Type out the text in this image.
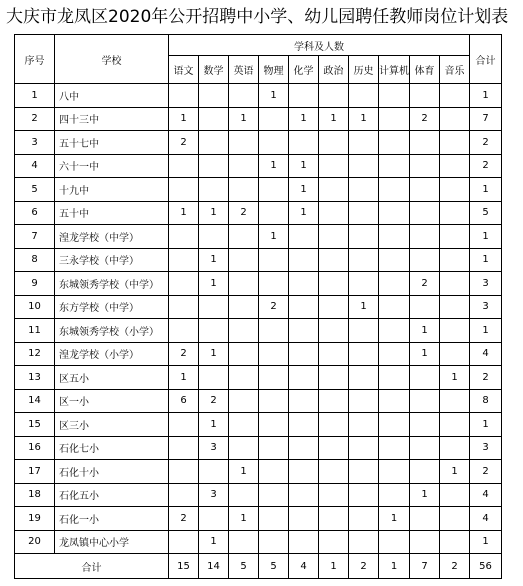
大庆市龙凤区2020年公开招聘中小学、幼儿园聘任教师岗位计划表
序号	学校	学科及人数										合计
		语文	数学	英语	物理	化学	政治	历史	计算机	体育	音乐	
1	八中				1							1
2	四十三中	1		1		1	1	1		2		7
3	五十七中	2										2
4	六十一中				1	1						2
5	十九中					1						1
6	五十中	1	1	2		1						5
7	湟龙学校（中学）				1							1
8	三永学校（中学）		1									1
9	东城领秀学校（中学）		1							2		3
10	东方学校（中学）				2			1				3
11	东城领秀学校（小学）									1		1
12	湟龙学校（小学）	2	1							1		4
13	区五小	1									1	2
14	区一小	6	2									8
15	区三小		1									1
16	石化七小		3									3
17	石化十小			1							1	2
18	石化五小		3							1		4
19	石化一小	2		1					1			4
20	龙凤镇中心小学		1									1
合计		15	14	5	5	4	1	2	1	7	2	56
